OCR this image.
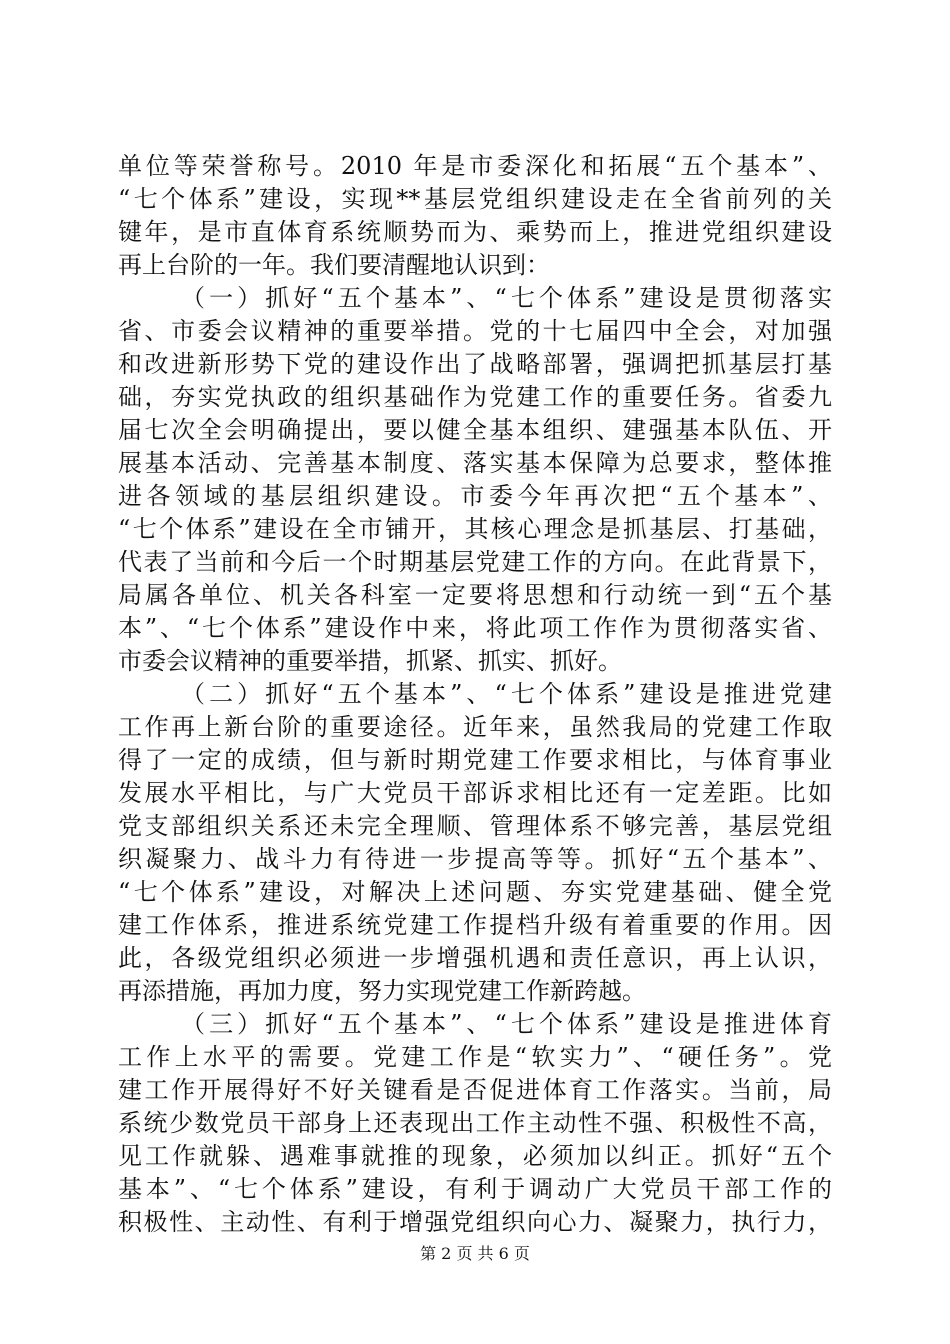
单位等荣誉称号。2010 年是市委深化和拓展“五个基本”、
“七个体系”建设，实现**基层党组织建设走在全省前列的关
键年，是市直体育系统顺势而为、乘势而上，推进党组织建设
再上台阶的一年。我们要清醒地认识到：
（一）抓好“五个基本”、“七个体系”建设是贯彻落实
省、市委会议精神的重要举措。党的十七届四中全会，对加强
和改进新形势下党的建设作出了战略部署，强调把抓基层打基
础，夯实党执政的组织基础作为党建工作的重要任务。省委九
届七次全会明确提出，要以健全基本组织、建强基本队伍、开
展基本活动、完善基本制度、落实基本保障为总要求，整体推
进各领域的基层组织建设。市委今年再次把“五个基本”、
“七个体系”建设在全市铺开，其核心理念是抓基层、打基础，
代表了当前和今后一个时期基层党建工作的方向。在此背景下，
局属各单位、机关各科室一定要将思想和行动统一到“五个基
本”、“七个体系”建设作中来，将此项工作作为贯彻落实省、
市委会议精神的重要举措，抓紧、抓实、抓好。
（二）抓好“五个基本”、“七个体系”建设是推进党建
工作再上新台阶的重要途径。近年来，虽然我局的党建工作取
得了一定的成绩，但与新时期党建工作要求相比，与体育事业
发展水平相比，与广大党员干部诉求相比还有一定差距。比如
党支部组织关系还未完全理顺、管理体系不够完善，基层党组
织凝聚力、战斗力有待进一步提高等等。抓好“五个基本”、
“七个体系”建设，对解决上述问题、夯实党建基础、健全党
建工作体系，推进系统党建工作提档升级有着重要的作用。因
此，各级党组织必须进一步增强机遇和责任意识，再上认识，
再添措施，再加力度，努力实现党建工作新跨越。
（三）抓好“五个基本”、“七个体系”建设是推进体育
工作上水平的需要。党建工作是“软实力”、“硬任务”。党
建工作开展得好不好关键看是否促进体育工作落实。当前，局
系统少数党员干部身上还表现出工作主动性不强、积极性不高，
见工作就躲、遇难事就推的现象，必须加以纠正。抓好“五个
基本”、“七个体系”建设，有利于调动广大党员干部工作的
积极性、主动性、有利于增强党组织向心力、凝聚力，执行力，
第 2 页 共 6 页
